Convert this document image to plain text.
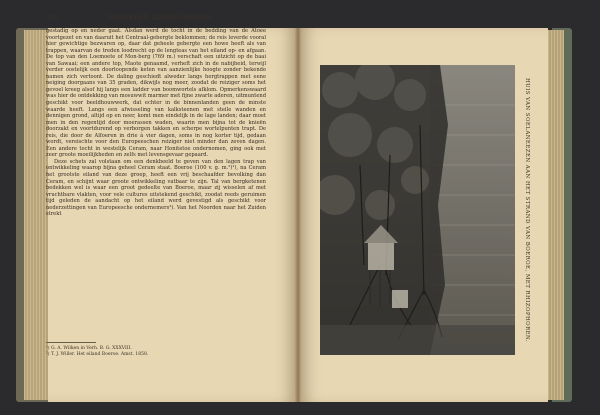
362	MOLUKKEN. ZESDE AMBOINA.

gestadig op en neder gaat. Alsdan werd de tocht in de bedding van de Atoee voortgezet en van daaruit het Centraal-gebergte beklommen; de reis leverde vooral hier gewichtige bezwaren op, daar dat geheele gebergte een howe heeft als van trappen, waarvan de treden loodrecht op de lengteas van het eiland op- en afgaan. De top van den Loemoete of Mon-berg (769 m.) verschaft een uitzicht op de baai van Sawaai; een andere top, Maote genaamd, verheft zich in de nabijheid, terwijl verder oostelijk een doorloopende keten van aanzienlijke hoogte zonder bekende namen zich vertoont. De daling geschiedt alweder langs hergtrappen met eene neiging doorgaans van 35 graden, dikwijls nog meer, zoodat de reiziger soms het gevoel kreeg alsof hij langs een ladder van boomwortels afklom. Opmerkenswaard was hier de ontdekking van mosuwwit marmer met fijne zwarte aderen, uitmuntend geschikt voor beeldhouwwerk, dat echter in de binnenlanden geen de minste waarde heeft. Langs een afwisseling van kalksteenen met steile wanden en dennigen grond, altijd op en neer, komt men eindelijk in de lage landen; daar moet men in den regentijd door moerassen waden, waarin men bijna tot de knieën doorzakt en voortdurend op verborgen takken en scherpe wortelpunten trapt. De reis, die door de Alfoeren in drie à vier dagen, soms in nog korter tijd, gedaan wordt, vereischte voor den Europeeschen reiziger niet minder dan zeven dagen. Een andere tocht in westelijk Ceram, naar Honitetoe ondernomen, ging ook met zeer groote moeilijkheden en zelfs met levensgevaar gepaard.

Deze schets zal volstaan om een denkbeeld te geven van den lagen trap van ontwikkeling waarop bijna geheel Ceram staat. Boeroe (100 v. g. m.²)¹), na Ceram het grootste eiland van deze groep, heeft een vrij beschaafder bevolking dan Ceram, en schijnt waar groote ontwikkeling vatbaar te zijn. Tal van bergketenen bedekken wel is waar een groot gedeelte van Boeroe, maar zij wisselen af met vruchtbare vlakten, voor vele cultures uitstekend geschikt, zoodat reeds geruimen tijd geleden de aandacht op het eiland werd gevestigd als geschikt voor nederzettingen van Europeesche ondernemers²). Van het Noorden naar het Zuiden strekt

¹) G. A. Wilken in Verh. B. G. XXXVIII.
²) T. J. Willer. Het eiland Boeroe. Amst. 1858.
HUIS VAN SOELANEEZEN AAN HET STRAND VAN BOEROE, MET RHIZOPHOREN.
